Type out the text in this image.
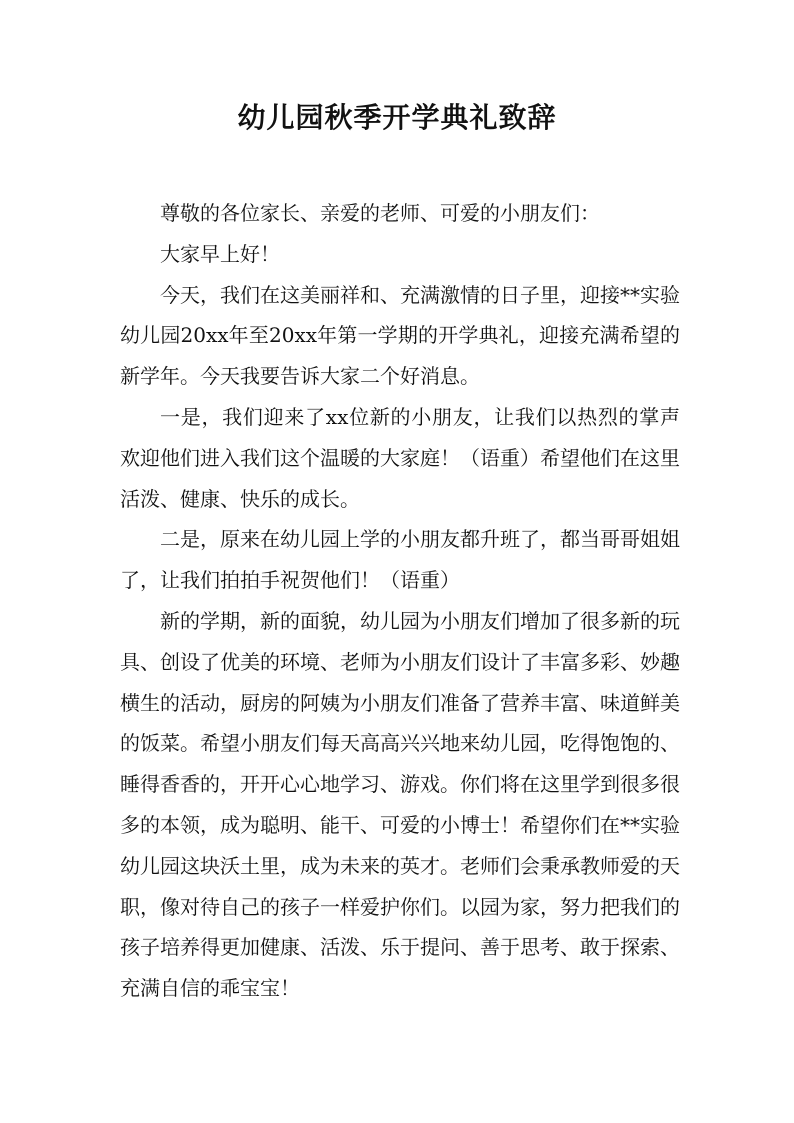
幼儿园秋季开学典礼致辞

尊敬的各位家长、亲爱的老师、可爱的小朋友们：

大家早上好！

今天，我们在这美丽祥和、充满激情的日子里，迎接**实验幼儿园20xx年至20xx年第一学期的开学典礼，迎接充满希望的新学年。今天我要告诉大家二个好消息。

一是，我们迎来了xx位新的小朋友，让我们以热烈的掌声欢迎他们进入我们这个温暖的大家庭！（语重）希望他们在这里活泼、健康、快乐的成长。

二是，原来在幼儿园上学的小朋友都升班了，都当哥哥姐姐了，让我们拍拍手祝贺他们！（语重）

新的学期，新的面貌，幼儿园为小朋友们增加了很多新的玩具、创设了优美的环境、老师为小朋友们设计了丰富多彩、妙趣横生的活动，厨房的阿姨为小朋友们准备了营养丰富、味道鲜美的饭菜。希望小朋友们每天高高兴兴地来幼儿园，吃得饱饱的、睡得香香的，开开心心地学习、游戏。你们将在这里学到很多很多的本领，成为聪明、能干、可爱的小博士！希望你们在**实验幼儿园这块沃土里，成为未来的英才。老师们会秉承教师爱的天职，像对待自己的孩子一样爱护你们。以园为家，努力把我们的孩子培养得更加健康、活泼、乐于提问、善于思考、敢于探索、充满自信的乖宝宝！
